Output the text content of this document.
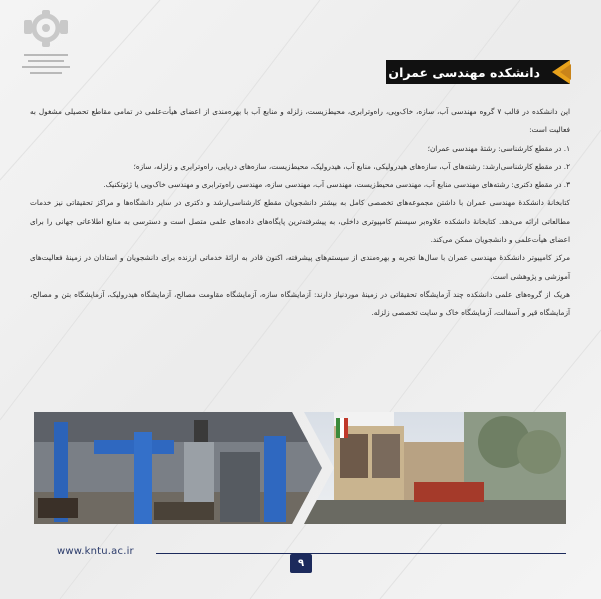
دانشکده مهندسی عمران

این دانشکده در قالب ۷ گروه مهندسی آب، سازه، خاک‌وپی، راه‌وترابری، محیط‌زیست، زلزله و منابع آب با بهره‌مندی از اعضای هیأت‌علمی در تمامی مقاطع تحصیلی مشغول به فعالیت است:

۱. در مقطع کارشناسی: رشتهٔ مهندسی عمران؛

۲. در مقطع کارشناسی‌ارشد: رشته‌های آب، سازه‌های هیدرولیکی، منابع آب، هیدرولیک، محیط‌زیست، سازه‌های دریایی، راه‌وترابری و زلزله، سازه؛

۳. در مقطع دکتری: رشته‌های مهندسی منابع آب، مهندسی محیط‌زیست، مهندسی آب، مهندسی سازه، مهندسی راه‌وترابری و مهندسی خاک‌وپی یا ژئوتکنیک.

کتابخانهٔ دانشکدهٔ مهندسی عمران با داشتن مجموعه‌های تخصصی کامل به بیشتر دانشجویان مقطع کارشناسی‌ارشد و دکتری در سایر دانشگاه‌ها و مراکز تحقیقاتی نیز خدمات مطالعاتی ارائه می‌دهد. کتابخانهٔ دانشکده علاوه‌بر سیستم کامپیوتری داخلی، به پیشرفته‌ترین پایگاه‌های داده‌های علمی متصل است و دسترسی به منابع اطلاعاتی جهانی را برای اعضای هیأت‌علمی و دانشجویان ممکن می‌کند.

مرکز کامپیوتر دانشکدهٔ مهندسی عمران با سال‌ها تجربه و بهره‌مندی از سیستم‌های پیشرفته، اکنون قادر به ارائهٔ خدماتی ارزنده برای دانشجویان و استادان در زمینهٔ فعالیت‌های آموزشی و پژوهشی است.

هریک از گروه‌های علمی دانشکده چند آزمایشگاه تحقیقاتی در زمینهٔ موردنیاز دارند: آزمایشگاه سازه، آزمایشگاه مقاومت مصالح، آزمایشگاه هیدرولیک، آزمایشگاه بتن و مصالح، آزمایشگاه قیر و آسفالت، آزمایشگاه خاک و سایت تخصصی زلزله.

www.kntu.ac.ir
۹
